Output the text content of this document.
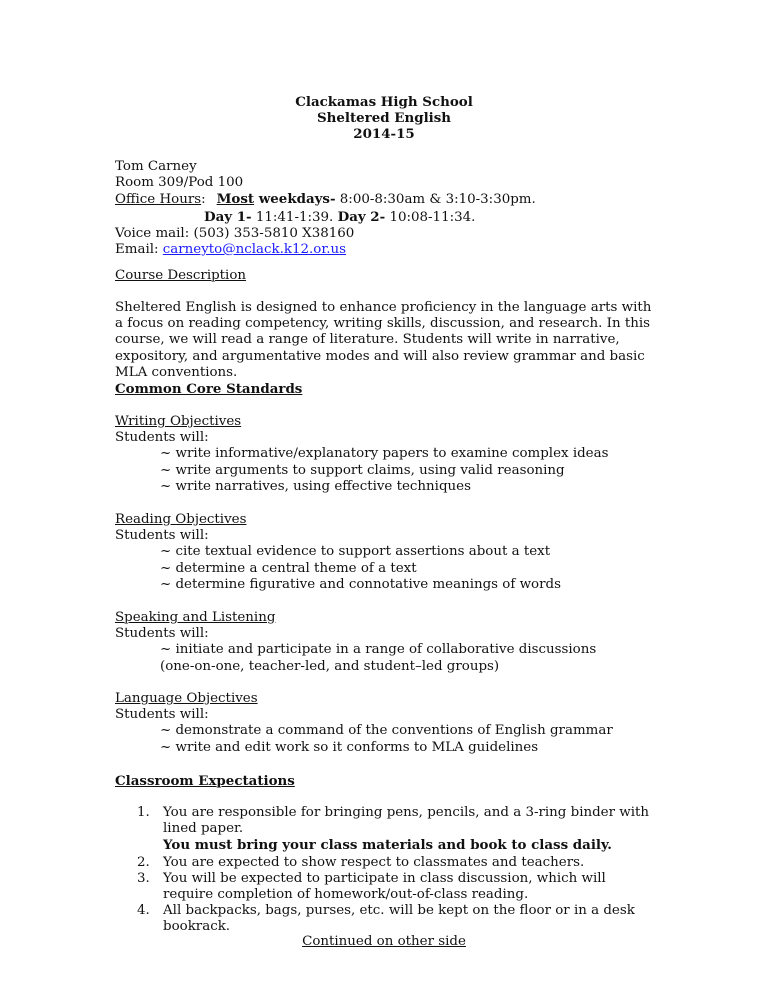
Clackamas High School
Sheltered English
2014-15
Tom Carney
Room 309/Pod 100
Office Hours: Most weekdays- 8:00-8:30am & 3:10-3:30pm.
Day 1- 11:41-1:39. Day 2- 10:08-11:34.
Voice mail: (503) 353-5810 X38160
Email: carneyto@nclack.k12.or.us
Course Description
Sheltered English is designed to enhance proficiency in the language arts with a focus on reading competency, writing skills, discussion, and research. In this course, we will read a range of literature. Students will write in narrative, expository, and argumentative modes and will also review grammar and basic MLA conventions.
Common Core Standards
Writing Objectives
Students will:
~ write informative/explanatory papers to examine complex ideas
~ write arguments to support claims, using valid reasoning
~ write narratives, using effective techniques
Reading Objectives
Students will:
~ cite textual evidence to support assertions about a text
~ determine a central theme of a text
~ determine figurative and connotative meanings of words
Speaking and Listening
Students will:
~ initiate and participate in a range of collaborative discussions (one-on-one, teacher-led, and student–led groups)
Language Objectives
Students will:
~ demonstrate a command of the conventions of English grammar
~ write and edit work so it conforms to MLA guidelines
Classroom Expectations
1. You are responsible for bringing pens, pencils, and a 3-ring binder with lined paper.
You must bring your class materials and book to class daily.
2. You are expected to show respect to classmates and teachers.
3. You will be expected to participate in class discussion, which will require completion of homework/out-of-class reading.
4. All backpacks, bags, purses, etc. will be kept on the floor or in a desk bookrack.
Continued on other side
